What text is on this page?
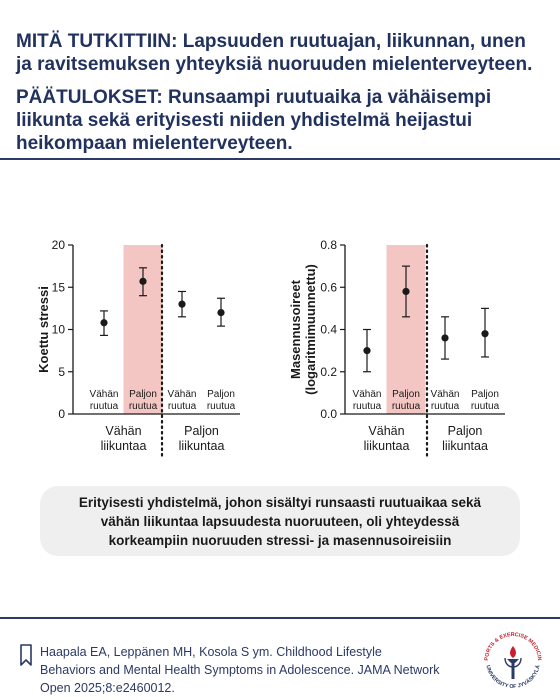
MITÄ TUTKITTIIN: Lapsuuden ruutuajan, liikunnan, unen ja ravitsemuksen yhteyksiä nuoruuden mielenterveyteen.

PÄÄTULOKSET: Runsaampi ruutuaika ja vähäisempi liikunta sekä erityisesti niiden yhdistelmä heijastui heikompaan mielenterveyteen.

0
5
10
15
20
Koettu stressi
Vähän
ruutua
Paljon
ruutua
Vähän
ruutua
Paljon
ruutua
Vähän
liikuntaa
Paljon
liikuntaa
0.0
0.2
0.4
0.6
0.8
Masennusoireet(logaritmimuunnettu)	Vähän
ruutua
Paljon
ruutua
Vähän
ruutua
Paljon
ruutua
Vähän
liikuntaa
Paljon
liikuntaa
Erityisesti yhdistelmä, johon sisältyi runsaasti ruutuaikaa sekä vähän liikuntaa lapsuudesta nuoruuteen, oli yhteydessä korkeampiin nuoruuden stressi- ja masennusoireisiin
Haapala EA, Leppänen MH, Kosola S ym. Childhood Lifestyle Behaviors and Mental Health Symptoms in Adolescence. JAMA Network Open 2025;8:e2460012.
PORTS & EXERCISE MEDICIN
UNIVERSITY OF JYVÄSKYLÄ
